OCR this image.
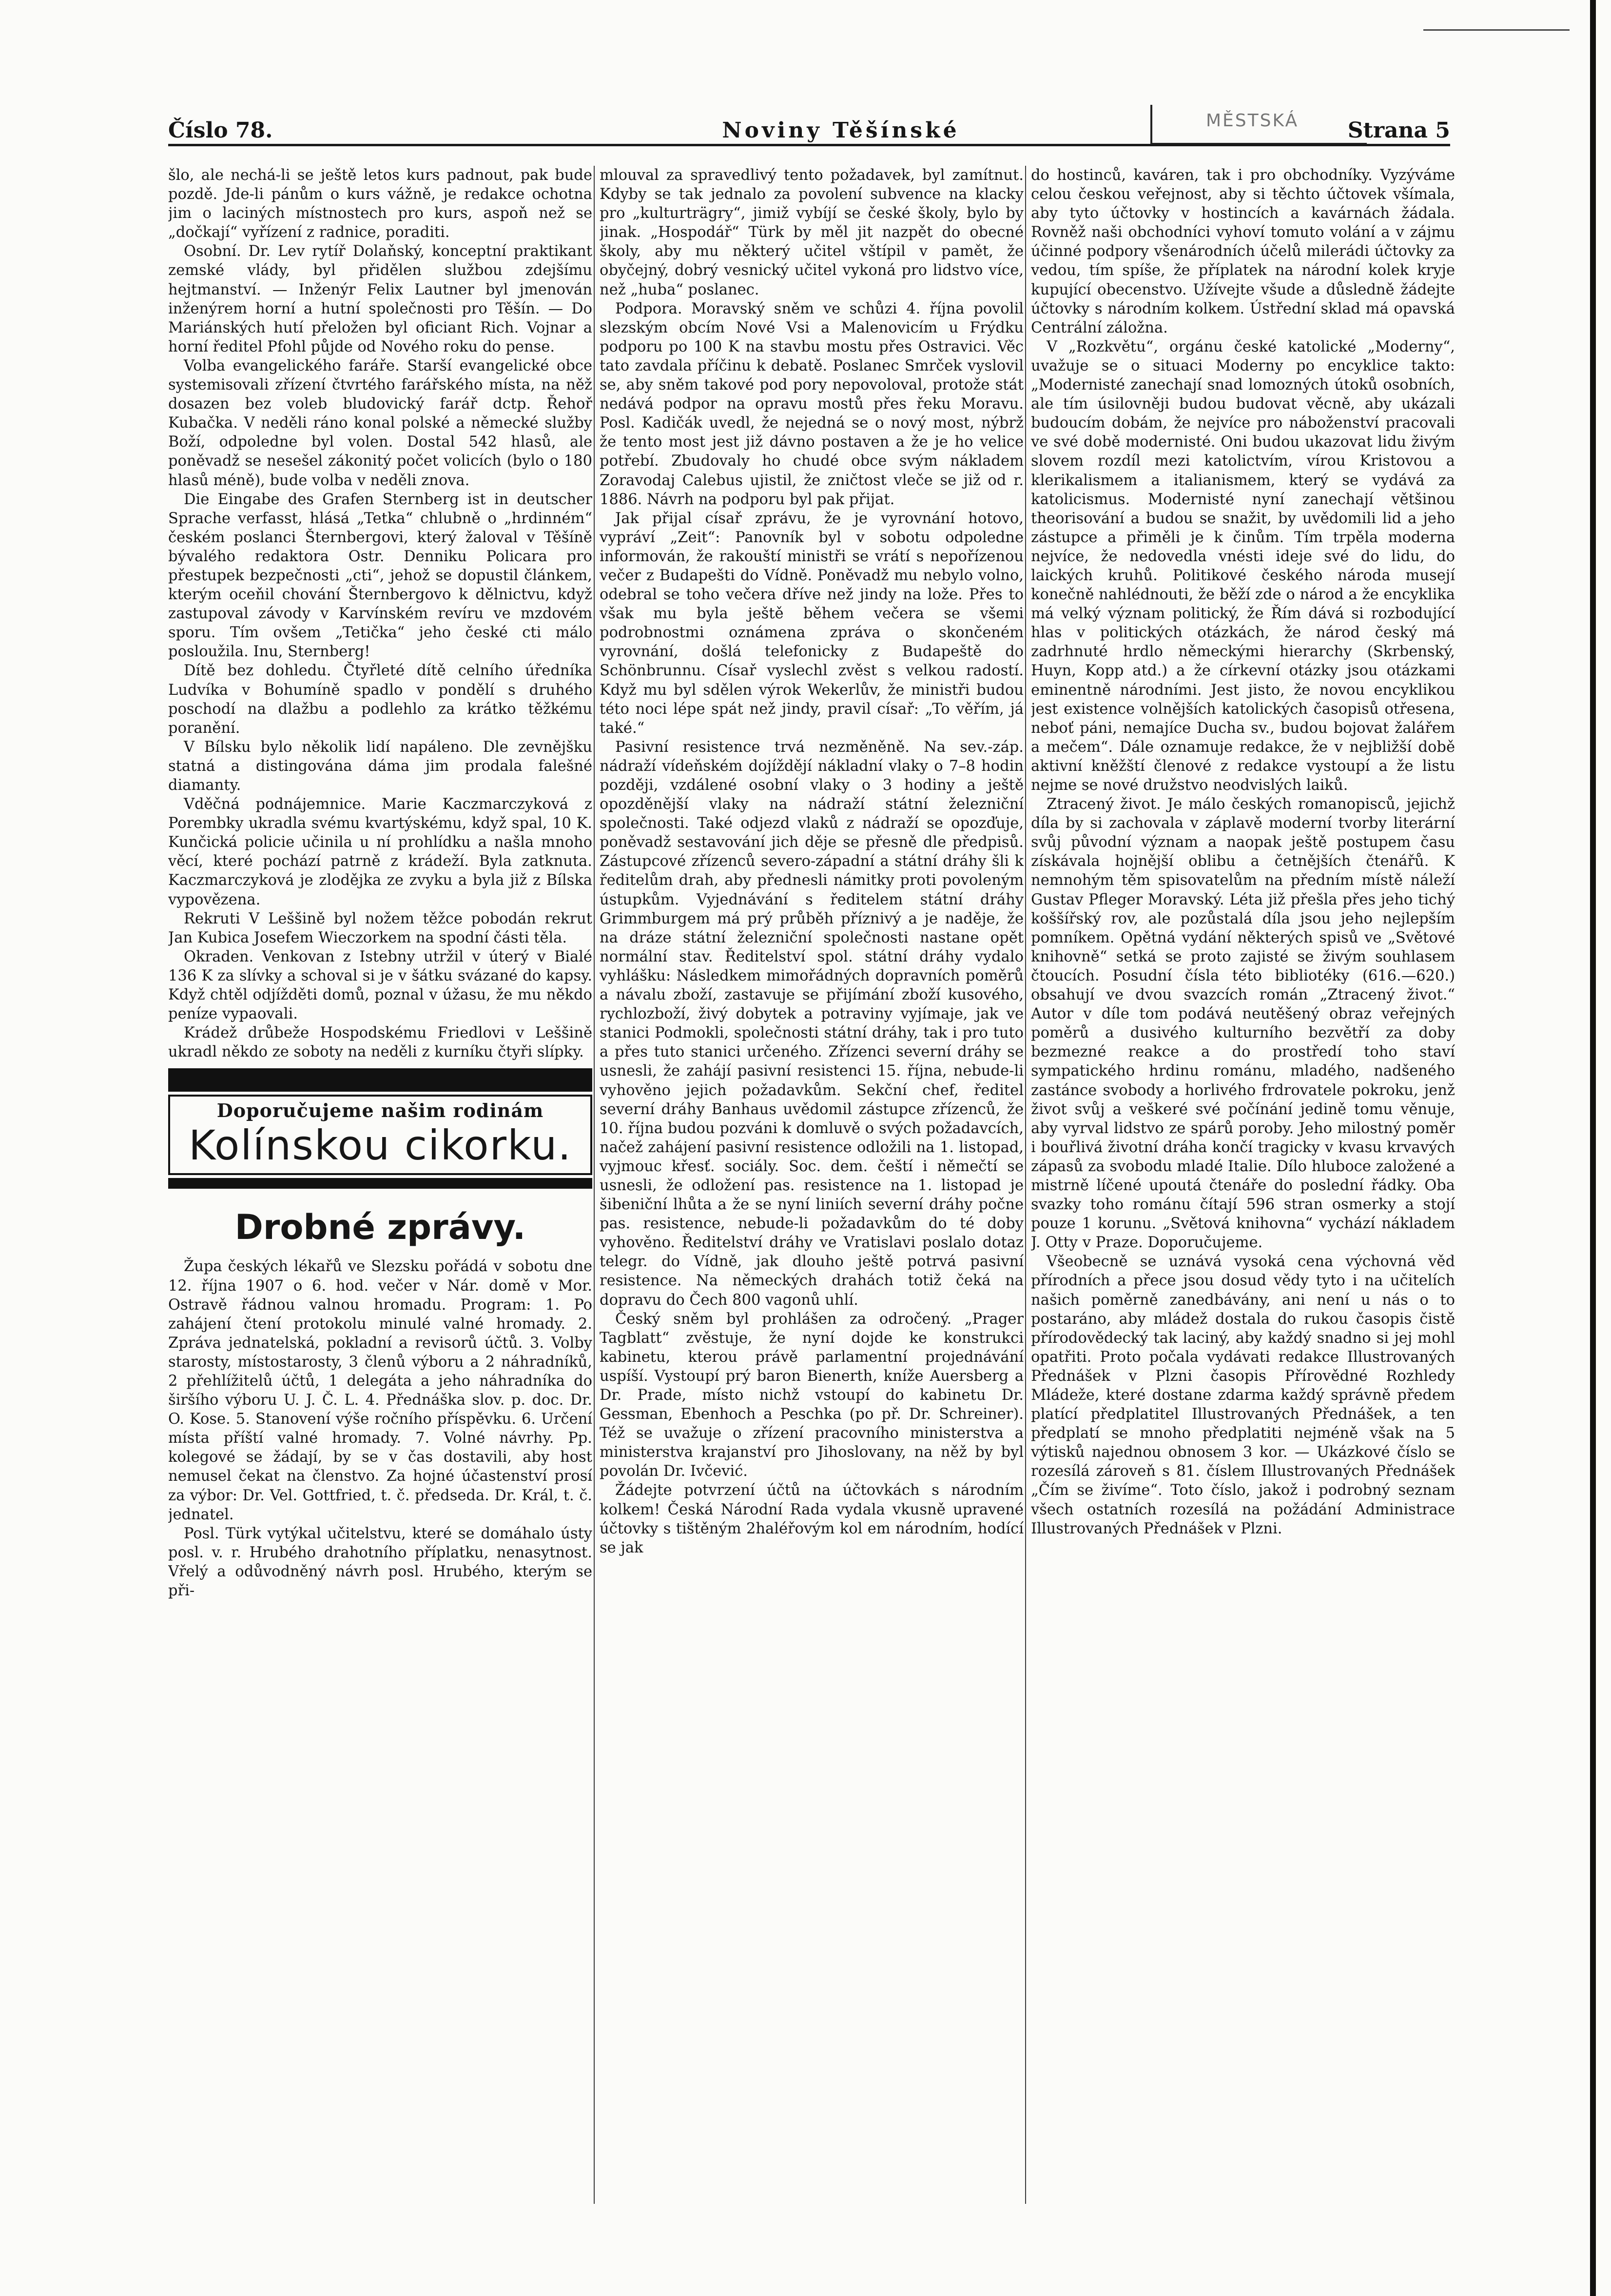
Číslo 78.	Noviny Těšínské	Strana 5
MĚSTSKÁ

šlo, ale nechá-li se ještě letos kurs padnout, pak bude pozdě. Jde-li pánům o kurs vážně, je redakce ochotna jim o laciných místnostech pro kurs, aspoň než se „dočkají“ vyřízení z radnice, poraditi.

Osobní. Dr. Lev rytíř Dolaňský, konceptní praktikant zemské vlády, byl přidělen službou zdejšímu hejtmanství. — Inženýr Felix Lautner byl jmenován inženýrem horní a hutní společnosti pro Těšín. — Do Mariánských hutí přeložen byl oficiant Rich. Vojnar a horní ředitel Pfohl půjde od Nového roku do pense.

Volba evangelického faráře. Starší evangelické obce systemisovali zřízení čtvrtého farářského místa, na něž dosazen bez voleb bludovický farář dctp. Řehoř Kubačka. V neděli ráno konal polské a německé služby Boží, odpoledne byl volen. Dostal 542 hlasů, ale poněvadž se nesešel zákonitý počet volicích (bylo o 180 hlasů méně), bude volba v neděli znova.

Die Eingabe des Grafen Sternberg ist in deutscher Sprache verfasst, hlásá „Tetka“ chlubně o „hrdinném“ českém poslanci Šternbergovi, který žaloval v Těšíně bývalého redaktora Ostr. Denniku Policara pro přestupek bezpečnosti „cti“, jehož se dopustil článkem, kterým oceňil chování Šternbergovo k dělnictvu, když zastupoval závody v Karvínském revíru ve mzdovém sporu. Tím ovšem „Tetička“ jeho české cti málo posloužila. Inu, Sternberg!

Dítě bez dohledu. Čtyřleté dítě celního úředníka Ludvíka v Bohumíně spadlo v pondělí s druhého poschodí na dlažbu a podlehlo za krátko těžkému poranění.

V Bílsku bylo několik lidí napáleno. Dle zevnějšku statná a distingována dáma jim prodala falešné diamanty.

Vděčná podnájemnice. Marie Kaczmarczyková z Porembky ukradla svému kvartýskému, když spal, 10 K. Kunčická policie učinila u ní prohlídku a našla mnoho věcí, které pochází patrně z krádeží. Byla zatknuta. Kaczmarczyková je zlodějka ze zvyku a byla již z Bílska vypovězena.

Rekruti V Leššině byl nožem těžce pobodán rekrut Jan Kubica Josefem Wieczorkem na spodní části těla.

Okraden. Venkovan z Istebny utržil v úterý v Bialé 136 K za slívky a schoval si je v šátku svázané do kapsy. Když chtěl odjížděti domů, poznal v úžasu, že mu někdo peníze vypaovali.

Krádež drůbeže Hospodskému Friedlovi v Leššině ukradl někdo ze soboty na neděli z kurníku čtyři slípky.

Doporučujeme našim rodinám
Kolínskou cikorku.
Drobné zprávy.

Župa českých lékařů ve Slezsku pořádá v sobotu dne 12. října 1907 o 6. hod. večer v Nár. domě v Mor. Ostravě řádnou valnou hromadu. Program: 1. Po zahájení čtení protokolu minulé valné hromady. 2. Zpráva jednatelská, pokladní a revisorů účtů. 3. Volby starosty, místostarosty, 3 členů výboru a 2 náhradníků, 2 přehlížitelů účtů, 1 delegáta a jeho náhradníka do širšího výboru U. J. Č. L. 4. Přednáška slov. p. doc. Dr. O. Kose. 5. Stanovení výše ročního příspěvku. 6. Určení místa příští valné hromady. 7. Volné návrhy. Pp. kolegové se žádají, by se v čas dostavili, aby host nemusel čekat na členstvo. Za hojné účastenství prosí za výbor: Dr. Vel. Gottfried, t. č. předseda. Dr. Král, t. č. jednatel.

Posl. Türk vytýkal učitelstvu, které se domáhalo ústy posl. v. r. Hrubého drahotního příplatku, nenasytnost. Vřelý a odůvodněný návrh posl. Hrubého, kterým se při-

mlouval za spravedlivý tento požadavek, byl zamítnut. Kdyby se tak jednalo za povolení subvence na klacky pro „kulturträgry“, jimiž vybíjí se české školy, bylo by jinak. „Hospodář“ Türk by měl jit nazpět do obecné školy, aby mu některý učitel vštípil v pamět, že obyčejný, dobrý vesnický učitel vykoná pro lidstvo více, než „huba“ poslanec.

Podpora. Moravský sněm ve schůzi 4. října povolil slezským obcím Nové Vsi a Malenovicím u Frýdku podporu po 100 K na stavbu mostu přes Ostravici. Věc tato zavdala příčinu k debatě. Poslanec Smrček vyslovil se, aby sněm takové pod pory nepovoloval, protože stát nedává podpor na opravu mostů přes řeku Moravu. Posl. Kadičák uvedl, že nejedná se o nový most, nýbrž že tento most jest již dávno postaven a že je ho velice potřebí. Zbudovaly ho chudé obce svým nákladem Zoravodaj Calebus ujistil, že zničtost vleče se již od r. 1886. Návrh na podporu byl pak přijat.

Jak přijal císař zprávu, že je vyrovnání hotovo, vypráví „Zeit“: Panovník byl v sobotu odpoledne informován, že rakouští ministři se vrátí s nepořízenou večer z Budapešti do Vídně. Poněvadž mu nebylo volno, odebral se toho večera dříve než jindy na lože. Přes to však mu byla ještě během večera se všemi podrobnostmi oznámena zpráva o skončeném vyrovnání, došlá telefonicky z Budapeště do Schönbrunnu. Císař vyslechl zvěst s velkou radostí. Když mu byl sdělen výrok Wekerlův, že ministři budou této noci lépe spát než jindy, pravil císař: „To věřím, já také.“

Pasivní resistence trvá nezměněně. Na sev.-záp. nádraží vídeňském dojíždějí nákladní vlaky o 7–8 hodin později, vzdálené osobní vlaky o 3 hodiny a ještě opozděnější vlaky na nádraží státní železniční společnosti. Také odjezd vlaků z nádraží se opozďuje, poněvadž sestavování jich děje se přesně dle předpisů. Zástupcové zřízenců severo-západní a státní dráhy šli k ředitelům drah, aby přednesli námitky proti povoleným ústupkům. Vyjednávání s ředitelem státní dráhy Grimmburgem má prý průběh příznivý a je naděje, že na dráze státní železniční společnosti nastane opět normální stav. Ředitelství spol. státní dráhy vydalo vyhlášku: Následkem mimořádných dopravních poměrů a návalu zboží, zastavuje se přijímání zboží kusového, rychlozboží, živý dobytek a potraviny vyjímaje, jak ve stanici Podmokli, společnosti státní dráhy, tak i pro tuto a přes tuto stanici určeného. Zřízenci severní dráhy se usnesli, že zahájí pasivní resistenci 15. října, nebude-li vyhověno jejich požadavkům. Sekční chef, ředitel severní dráhy Banhaus uvědomil zástupce zřízenců, že 10. října budou pozváni k domluvě o svých požadavcích, načež zahájení pasivní resistence odložili na 1. listopad, vyjmouc křesť. sociály. Soc. dem. čeští i němečtí se usnesli, že odložení pas. resistence na 1. listopad je šibeniční lhůta a že se nyní liniích severní dráhy počne pas. resistence, nebude-li požadavkům do té doby vyhověno. Ředitelství dráhy ve Vratislavi poslalo dotaz telegr. do Vídně, jak dlouho ještě potrvá pasivní resistence. Na německých drahách totiž čeká na dopravu do Čech 800 vagonů uhlí.

Český sněm byl prohlášen za odročený. „Prager Tagblatt“ zvěstuje, že nyní dojde ke konstrukci kabinetu, kterou právě parlamentní projednávání uspíší. Vystoupí prý baron Bienerth, kníže Auersberg a Dr. Prade, místo nichž vstoupí do kabinetu Dr. Gessman, Ebenhoch a Peschka (po př. Dr. Schreiner). Též se uvažuje o zřízení pracovního ministerstva a ministerstva krajanství pro Jihoslovany, na něž by byl povolán Dr. Ivčević.

Žádejte potvrzení účtů na účtovkách s národním kolkem! Česká Národní Rada vydala vkusně upravené účtovky s tištěným 2haléřovým kol em národním, hodící se jak

do hostinců, kaváren, tak i pro obchodníky. Vyzýváme celou českou veřejnost, aby si těchto účtovek všímala, aby tyto účtovky v hostincích a kavárnách žádala. Rovněž naši obchodníci vyhoví tomuto volání a v zájmu účinné podpory všenárodních účelů milerádi účtovky za vedou, tím spíše, že příplatek na národní kolek kryje kupující obecenstvo. Užívejte všude a důsledně žádejte účtovky s národním kolkem. Ústřední sklad má opavská Centrální záložna.

V „Rozkvětu“, orgánu české katolické „Moderny“, uvažuje se o situaci Moderny po encyklice takto: „Modernisté zanechají snad lomozných útoků osobních, ale tím úsilovněji budou budovat věcně, aby ukázali budoucím dobám, že nejvíce pro náboženství pracovali ve své době modernisté. Oni budou ukazovat lidu živým slovem rozdíl mezi katolictvím, vírou Kristovou a klerikalismem a italianismem, který se vydává za katolicismus. Modernisté nyní zanechají většinou theorisování a budou se snažit, by uvědomili lid a jeho zástupce a přiměli je k činům. Tím trpěla moderna nejvíce, že nedovedla vnésti ideje své do lidu, do laických kruhů. Politikové českého národa musejí konečně nahlédnouti, že běží zde o národ a že encyklika má velký význam politický, že Řím dává si rozbodující hlas v politických otázkách, že národ český má zadrhnuté hrdlo německými hierarchy (Skrbenský, Huyn, Kopp atd.) a že církevní otázky jsou otázkami eminentně národními. Jest jisto, že novou encyklikou jest existence volnějších katolických časopisů otřesena, neboť páni, nemajíce Ducha sv., budou bojovat žalářem a mečem“. Dále oznamuje redakce, že v nejbližší době aktivní kněžští členové z redakce vystoupí a že listu nejme se nové družstvo neodvislých laiků.

Ztracený život. Je málo českých romanopisců, jejichž díla by si zachovala v záplavě moderní tvorby literární svůj původní význam a naopak ještě postupem času získávala hojnější oblibu a četnějších čtenářů. K nemnohým těm spisovatelům na předním místě náleží Gustav Pfleger Moravský. Léta již přešla přes jeho tichý koššířský rov, ale pozůstalá díla jsou jeho nejlepším pomníkem. Opětná vydání některých spisů ve „Světové knihovně“ setká se proto zajisté se živým souhlasem čtoucích. Posudní čísla této bibliotéky (616.—620.) obsahují ve dvou svazcích román „Ztracený život.“ Autor v díle tom podává neutěšený obraz veřejných poměrů a dusivého kulturního bezvětří za doby bezmezné reakce a do prostředí toho staví sympatického hrdinu románu, mladého, nadšeného zastánce svobody a horlivého frdrovatele pokroku, jenž život svůj a veškeré své počínání jedině tomu věnuje, aby vyrval lidstvo ze spárů poroby. Jeho milostný poměr i bouřlivá životní dráha končí tragicky v kvasu krvavých zápasů za svobodu mladé Italie. Dílo hluboce založené a mistrně líčené upoutá čtenáře do poslední řádky. Oba svazky toho románu čítají 596 stran osmerky a stojí pouze 1 korunu. „Světová knihovna“ vychází nákladem J. Otty v Praze. Doporučujeme.

Všeobecně se uznává vysoká cena výchovná věd přírodních a přece jsou dosud vědy tyto i na učitelích našich poměrně zanedbávány, ani není u nás o to postaráno, aby mládež dostala do rukou časopis čistě přírodovědecký tak laciný, aby každý snadno si jej mohl opatřiti. Proto počala vydávati redakce Illustrovaných Přednášek v Plzni časopis Přírovědné Rozhledy Mládeže, které dostane zdarma každý správně předem platící předplatitel Illustrovaných Přednášek, a ten předplatí se mnoho předplatiti nejméně však na 5 výtisků najednou obnosem 3 kor. — Ukázkové číslo se rozesílá zároveň s 81. číslem Illustrovaných Přednášek „Čím se živíme“. Toto číslo, jakož i podrobný seznam všech ostatních rozesílá na požádání Administrace Illustrovaných Přednášek v Plzni.
